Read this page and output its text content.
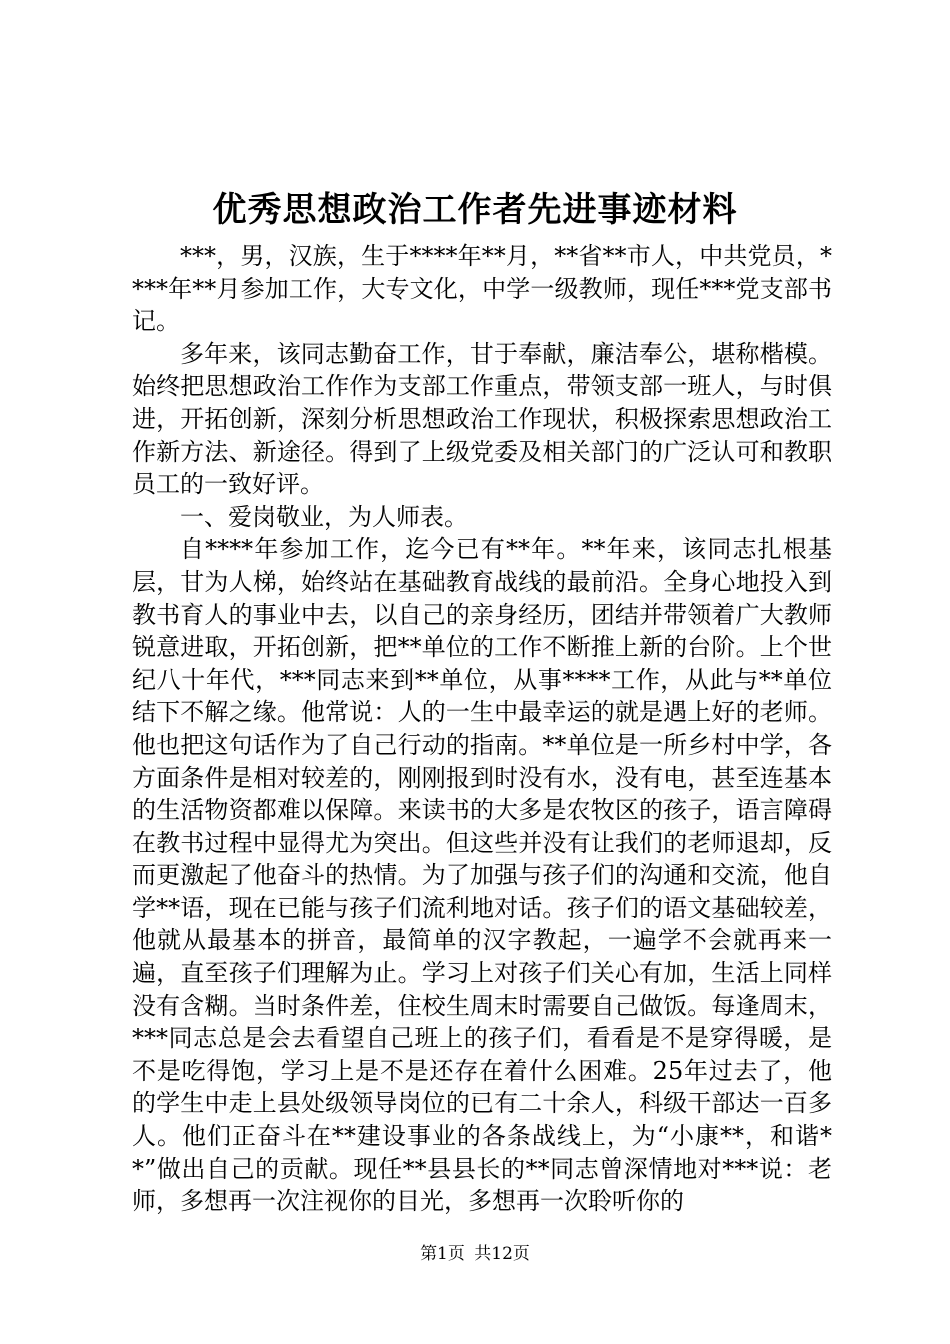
优秀思想政治工作者先进事迹材料

***，男，汉族，生于****年**月，**省**市人，中共党员，****年**月参加工作，大专文化，中学一级教师，现任***党支部书记。

多年来，该同志勤奋工作，甘于奉献，廉洁奉公，堪称楷模。始终把思想政治工作作为支部工作重点，带领支部一班人，与时俱进，开拓创新，深刻分析思想政治工作现状，积极探索思想政治工作新方法、新途径。得到了上级党委及相关部门的广泛认可和教职员工的一致好评。

一、爱岗敬业，为人师表。

自****年参加工作，迄今已有**年。**年来，该同志扎根基层，甘为人梯，始终站在基础教育战线的最前沿。全身心地投入到教书育人的事业中去，以自己的亲身经历，团结并带领着广大教师锐意进取，开拓创新，把**单位的工作不断推上新的台阶。上个世纪八十年代，***同志来到**单位，从事****工作，从此与**单位结下不解之缘。他常说：人的一生中最幸运的就是遇上好的老师。他也把这句话作为了自己行动的指南。**单位是一所乡村中学，各方面条件是相对较差的，刚刚报到时没有水，没有电，甚至连基本的生活物资都难以保障。来读书的大多是农牧区的孩子，语言障碍在教书过程中显得尤为突出。但这些并没有让我们的老师退却，反而更激起了他奋斗的热情。为了加强与孩子们的沟通和交流，他自学**语，现在已能与孩子们流利地对话。孩子们的语文基础较差，他就从最基本的拼音，最简单的汉字教起，一遍学不会就再来一遍，直至孩子们理解为止。学习上对孩子们关心有加，生活上同样没有含糊。当时条件差，住校生周末时需要自己做饭。每逢周末，***同志总是会去看望自己班上的孩子们，看看是不是穿得暖，是不是吃得饱，学习上是不是还存在着什么困难。25年过去了，他的学生中走上县处级领导岗位的已有二十余人，科级干部达一百多人。他们正奋斗在**建设事业的各条战线上，为“小康**，和谐**”做出自己的贡献。现任**县县长的**同志曾深情地对***说：老师，多想再一次注视你的目光，多想再一次聆听你的

第1页 共12页
